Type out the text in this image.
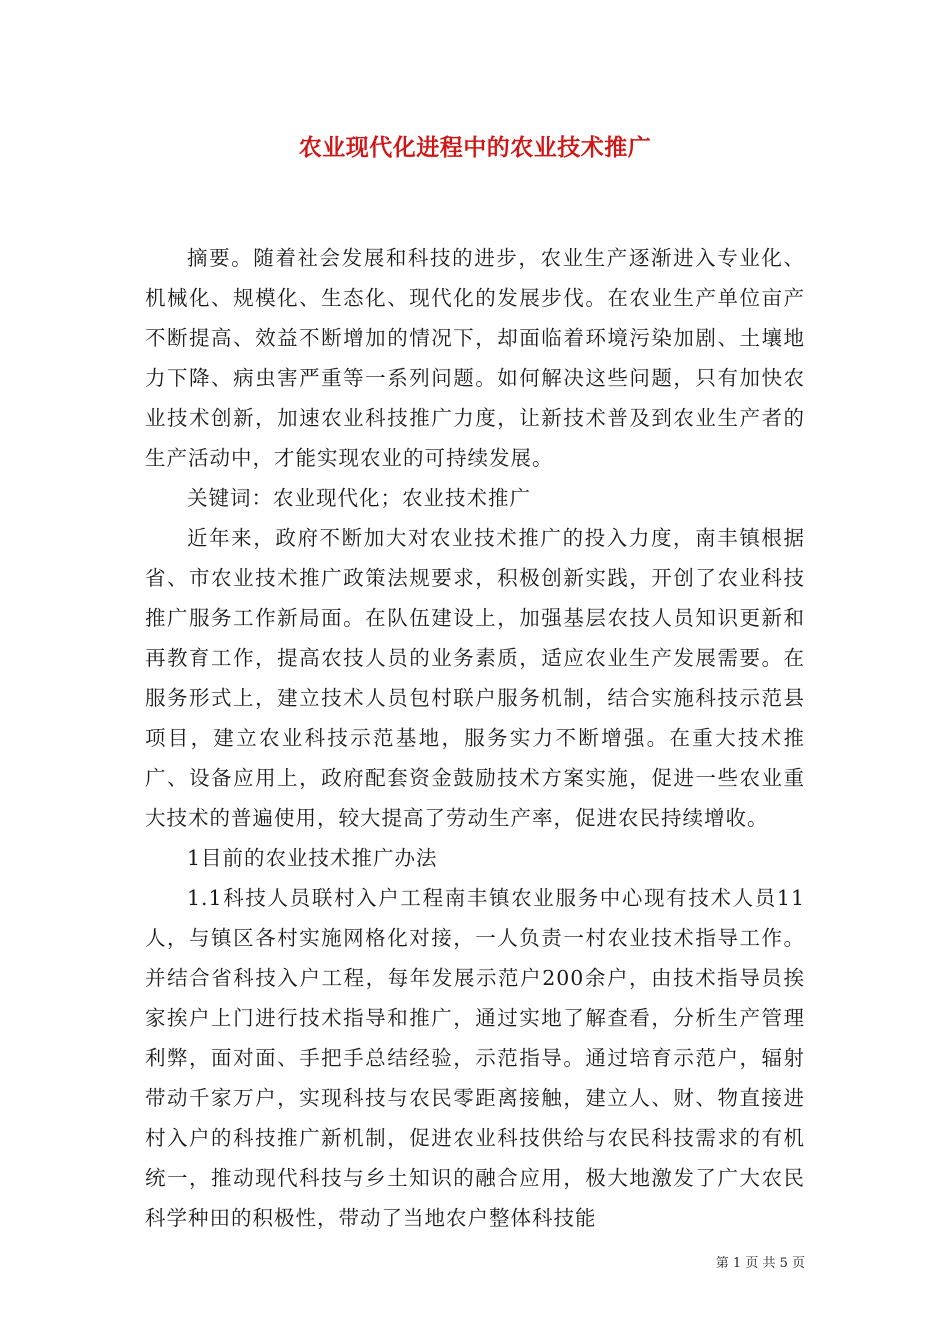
农业现代化进程中的农业技术推广

摘要。随着社会发展和科技的进步，农业生产逐渐进入专业化、机械化、规模化、生态化、现代化的发展步伐。在农业生产单位亩产不断提高、效益不断增加的情况下，却面临着环境污染加剧、土壤地力下降、病虫害严重等一系列问题。如何解决这些问题，只有加快农业技术创新，加速农业科技推广力度，让新技术普及到农业生产者的生产活动中，才能实现农业的可持续发展。

关键词：农业现代化；农业技术推广

近年来，政府不断加大对农业技术推广的投入力度，南丰镇根据省、市农业技术推广政策法规要求，积极创新实践，开创了农业科技推广服务工作新局面。在队伍建设上，加强基层农技人员知识更新和再教育工作，提高农技人员的业务素质，适应农业生产发展需要。在服务形式上，建立技术人员包村联户服务机制，结合实施科技示范县项目，建立农业科技示范基地，服务实力不断增强。在重大技术推广、设备应用上，政府配套资金鼓励技术方案实施，促进一些农业重大技术的普遍使用，较大提高了劳动生产率，促进农民持续增收。

1目前的农业技术推广办法

1.1科技人员联村入户工程南丰镇农业服务中心现有技术人员11人，与镇区各村实施网格化对接，一人负责一村农业技术指导工作。并结合省科技入户工程，每年发展示范户200余户，由技术指导员挨家挨户上门进行技术指导和推广，通过实地了解查看，分析生产管理利弊，面对面、手把手总结经验，示范指导。通过培育示范户，辐射带动千家万户，实现科技与农民零距离接触，建立人、财、物直接进村入户的科技推广新机制，促进农业科技供给与农民科技需求的有机统一，推动现代科技与乡土知识的融合应用，极大地激发了广大农民科学种田的积极性，带动了当地农户整体科技能

第 1 页 共 5 页
